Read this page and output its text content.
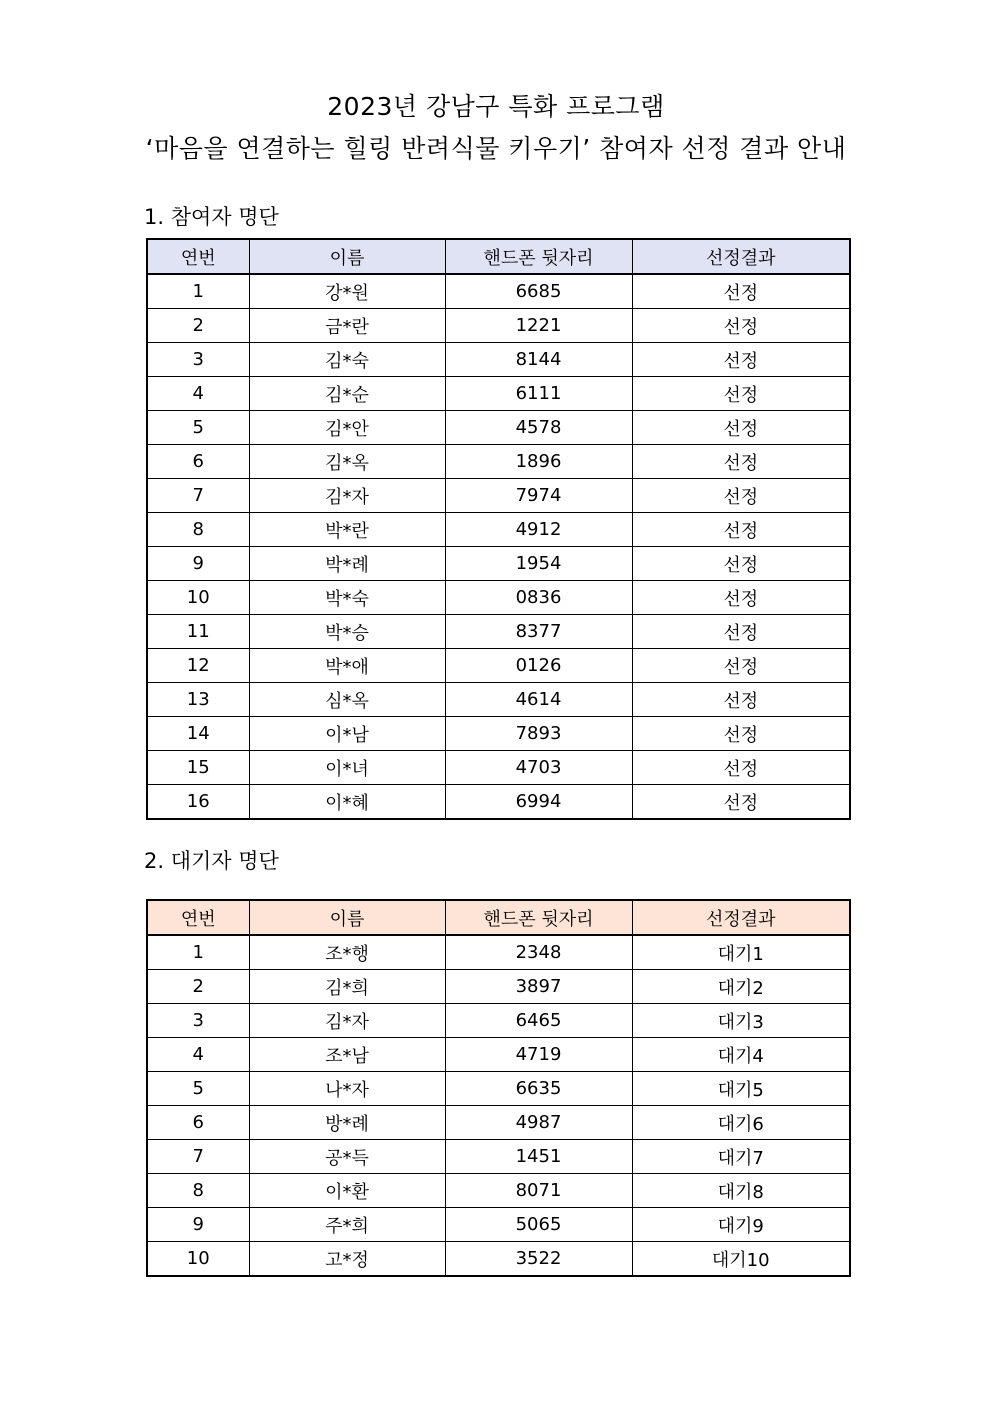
2023년 강남구 특화 프로그램
‘마음을 연결하는 힐링 반려식물 키우기’ 참여자 선정 결과 안내
1. 참여자 명단
연번	이름	핸드폰 뒷자리	선정결과
1	강*원	6685	선정
2	금*란	1221	선정
3	김*숙	8144	선정
4	김*순	6111	선정
5	김*안	4578	선정
6	김*옥	1896	선정
7	김*자	7974	선정
8	박*란	4912	선정
9	박*례	1954	선정
10	박*숙	0836	선정
11	박*승	8377	선정
12	박*애	0126	선정
13	심*옥	4614	선정
14	이*남	7893	선정
15	이*녀	4703	선정
16	이*혜	6994	선정
2. 대기자 명단
연번	이름	핸드폰 뒷자리	선정결과
1	조*행	2348	대기1
2	김*희	3897	대기2
3	김*자	6465	대기3
4	조*남	4719	대기4
5	나*자	6635	대기5
6	방*례	4987	대기6
7	공*득	1451	대기7
8	이*환	8071	대기8
9	주*희	5065	대기9
10	고*정	3522	대기10
